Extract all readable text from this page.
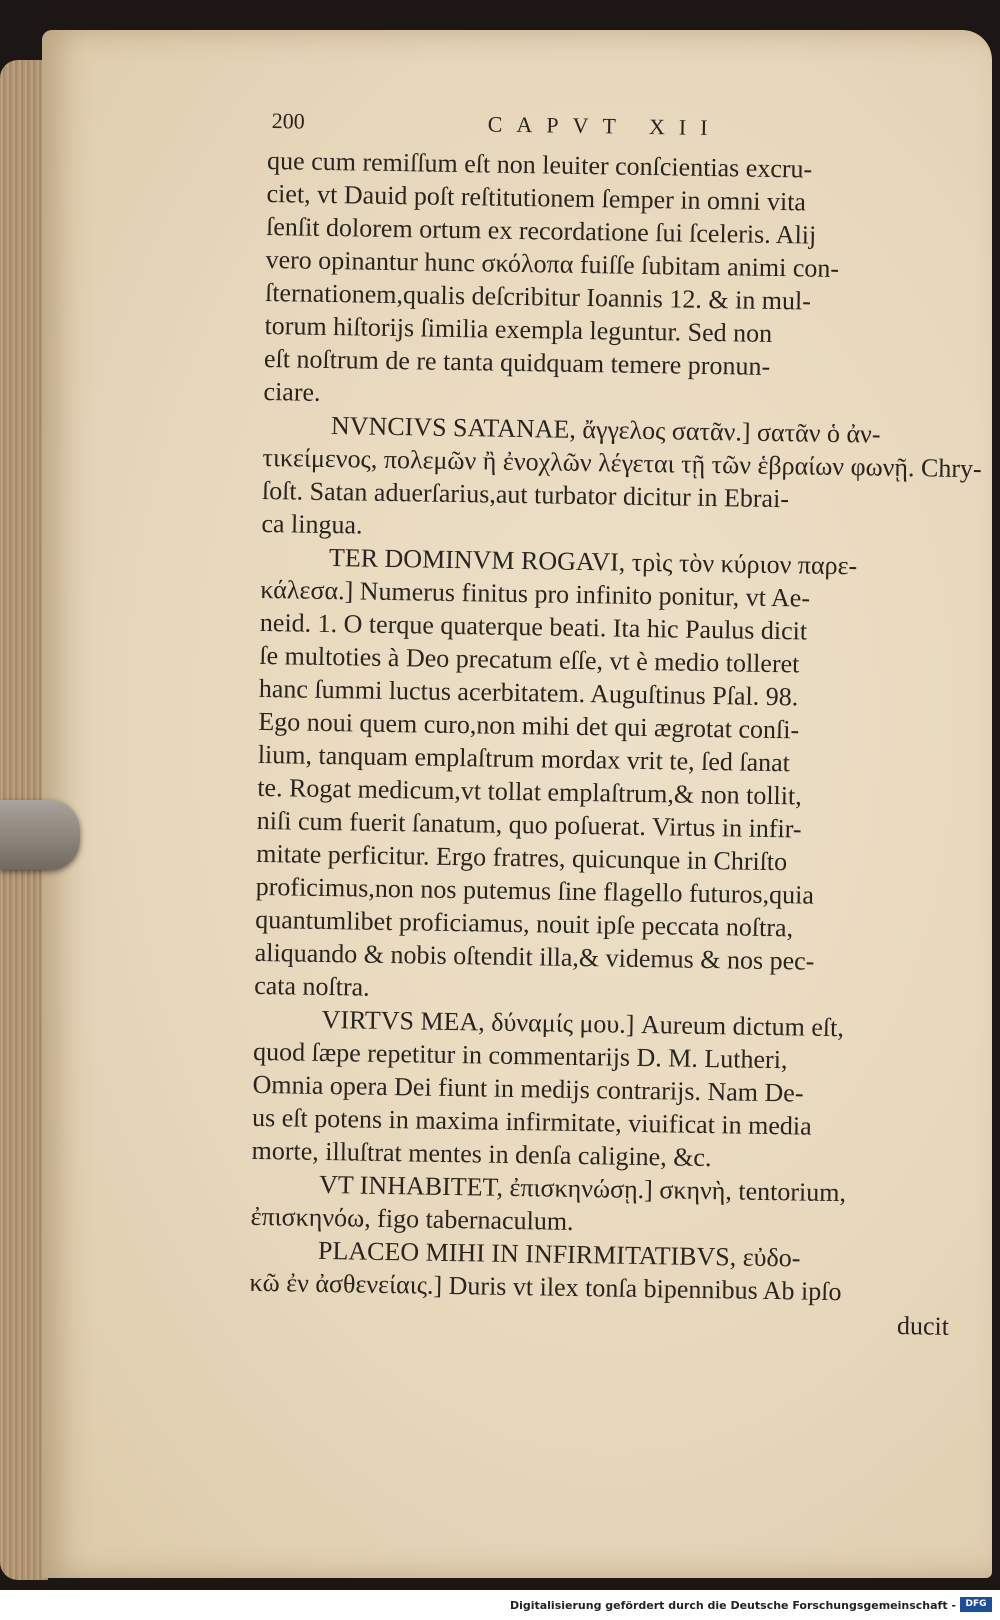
200	CAPVT XII
que cum remiſſum eſt non leuiter conſcientias excru-
ciet, vt Dauid poſt reſtitutionem ſemper in omni vita
ſenſit dolorem ortum ex recordatione ſui ſceleris. Alij
vero opinantur hunc σκόλοπα fuiſſe ſubitam animi con-
ſternationem,qualis deſcribitur Ioannis 12. & in mul-
torum hiſtorijs ſimilia exempla leguntur. Sed non
eſt noſtrum de re tanta quidquam temere pronun-
ciare.
NVNCIVS SATANAE, ἄγγελος σατᾶν.] σατᾶν ὁ ἀν-
τικείμενος, πολεμῶν ἢ ἐνοχλῶν λέγεται τῇ τῶν ἑβραίων φωνῇ. Chry-
ſoſt. Satan aduerſarius,aut turbator dicitur in Ebrai-
ca lingua.
TER DOMINVM ROGAVI, τρὶς τὸν κύριον παρε-
κάλεσα.] Numerus finitus pro infinito ponitur, vt Ae-
neid. 1. O terque quaterque beati. Ita hic Paulus dicit
ſe multoties à Deo precatum eſſe, vt è medio tolleret
hanc ſummi luctus acerbitatem. Auguſtinus Pſal. 98.
Ego noui quem curo,non mihi det qui ægrotat conſi-
lium, tanquam emplaſtrum mordax vrit te, ſed ſanat
te. Rogat medicum,vt tollat emplaſtrum,& non tollit,
niſi cum fuerit ſanatum, quo poſuerat. Virtus in infir-
mitate perficitur. Ergo fratres, quicunque in Chriſto
proficimus,non nos putemus ſine flagello futuros,quia
quantumlibet proficiamus, nouit ipſe peccata noſtra,
aliquando & nobis oſtendit illa,& videmus & nos pec-
cata noſtra.
VIRTVS MEA, δύναμίς μου.] Aureum dictum eſt,
quod ſæpe repetitur in commentarijs D. M. Lutheri,
Omnia opera Dei fiunt in medijs contrarijs. Nam De-
us eſt potens in maxima infirmitate, viuificat in media
morte, illuſtrat mentes in denſa caligine, &c.
VT INHABITET, ἐπισκηνώσῃ.] σκηνὴ, tentorium,
ἐπισκηνόω, figo tabernaculum.
PLACEO MIHI IN INFIRMITATIBVS, εὐδο-
κῶ ἐν ἀσθενείαις.] Duris vt ilex tonſa bipennibus Ab ipſo
ducit
Digitalisierung gefördert durch die Deutsche Forschungsgemeinschaft -	DFG
